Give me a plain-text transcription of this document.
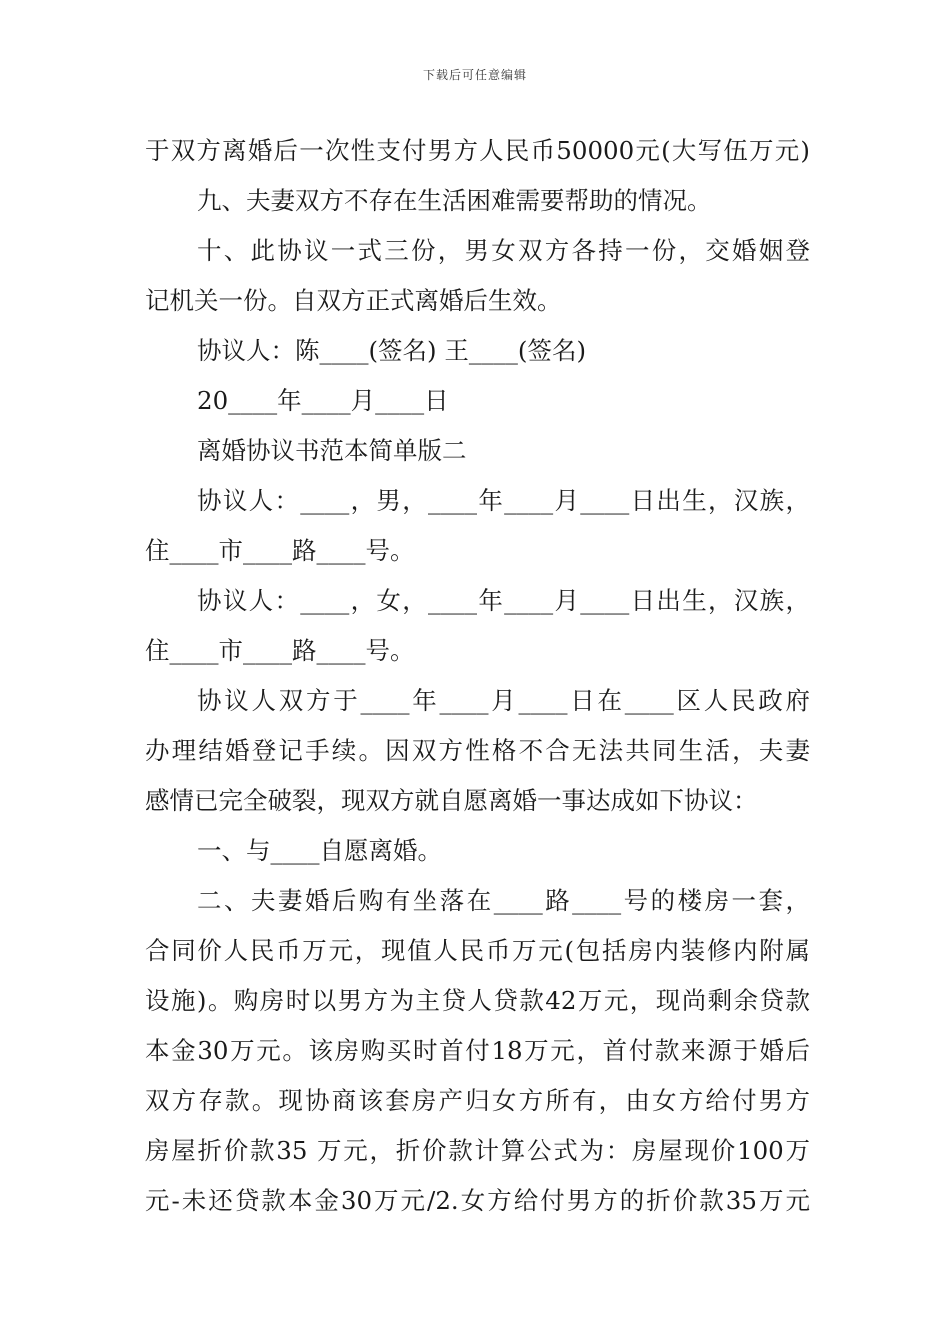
下载后可任意编辑
于双方离婚后一次性支付男方人民币50000元(大写伍万元)
九、夫妻双方不存在生活困难需要帮助的情况。
十、此协议一式三份，男女双方各持一份，交婚姻登
记机关一份。自双方正式离婚后生效。
协议人：陈____(签名) 王____(签名)
20____年____月____日
离婚协议书范本简单版二
协议人：____，男，____年____月____日出生，汉族，
住____市____路____号。
协议人：____，女，____年____月____日出生，汉族，
住____市____路____号。
协议人双方于____年____月____日在____区人民政府
办理结婚登记手续。因双方性格不合无法共同生活，夫妻
感情已完全破裂，现双方就自愿离婚一事达成如下协议：
一、与____自愿离婚。
二、夫妻婚后购有坐落在____路____号的楼房一套，
合同价人民币万元，现值人民币万元(包括房内装修内附属
设施)。购房时以男方为主贷人贷款42万元，现尚剩余贷款
本金30万元。该房购买时首付18万元，首付款来源于婚后
双方存款。现协商该套房产归女方所有，由女方给付男方
房屋折价款35 万元，折价款计算公式为：房屋现价100万
元-未还贷款本金30万元/2.女方给付男方的折价款35万元
